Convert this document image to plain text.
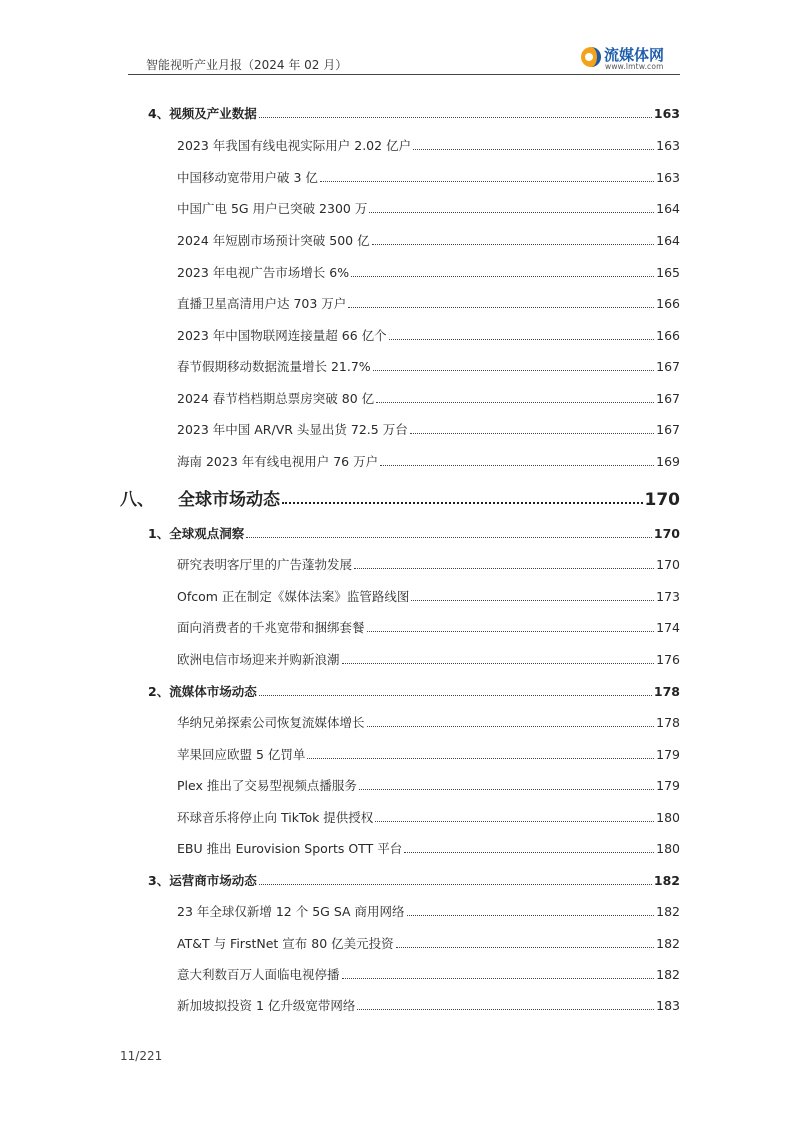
智能视听产业月报（2024 年 02 月）
流媒体网
www.lmtw.com
4、视频及产业数据	163
2023 年我国有线电视实际用户 2.02 亿户	163
中国移动宽带用户破 3 亿	163
中国广电 5G 用户已突破 2300 万	164
2024 年短剧市场预计突破 500 亿	164
2023 年电视广告市场增长 6%	165
直播卫星高清用户达 703 万户	166
2023 年中国物联网连接量超 66 亿个	166
春节假期移动数据流量增长 21.7%	167
2024 春节档档期总票房突破 80 亿	167
2023 年中国 AR/VR 头显出货 72.5 万台	167
海南 2023 年有线电视用户 76 万户	169
八、	全球市场动态	170
1、全球观点洞察	170
研究表明客厅里的广告蓬勃发展	170
Ofcom 正在制定《媒体法案》监管路线图	173
面向消费者的千兆宽带和捆绑套餐	174
欧洲电信市场迎来并购新浪潮	176
2、流媒体市场动态	178
华纳兄弟探索公司恢复流媒体增长	178
苹果回应欧盟 5 亿罚单	179
Plex 推出了交易型视频点播服务	179
环球音乐将停止向 TikTok 提供授权	180
EBU 推出 Eurovision Sports OTT 平台	180
3、运营商市场动态	182
23 年全球仅新增 12 个 5G SA 商用网络	182
AT&T 与 FirstNet 宣布 80 亿美元投资	182
意大利数百万人面临电视停播	182
新加坡拟投资 1 亿升级宽带网络	183
11/221
